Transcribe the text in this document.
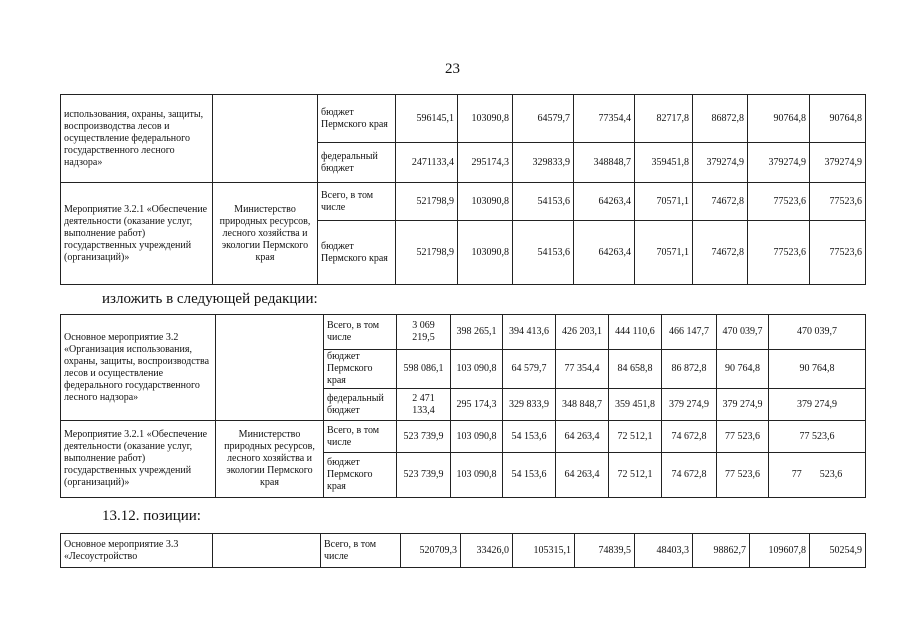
23
использования, охраны, защиты, воспроизводства лесов и осуществление федерального государственного лесного надзора»		бюджет Пермского края	596145,1	103090,8	64579,7	77354,4	82717,8	86872,8	90764,8	90764,8
		федеральный бюджет	2471133,4	295174,3	329833,9	348848,7	359451,8	379274,9	379274,9	379274,9
Мероприятие 3.2.1 «Обеспечение деятельности (оказание услуг, выполнение работ) государственных учреждений (организаций)»	Министерство природных ресурсов, лесного хозяйства и экологии Пермского края	Всего, в том числе	521798,9	103090,8	54153,6	64263,4	70571,1	74672,8	77523,6	77523,6
		бюджет Пермского края	521798,9	103090,8	54153,6	64263,4	70571,1	74672,8	77523,6	77523,6
изложить в следующей редакции:
Основное мероприятие 3.2 «Организация использования, охраны, защиты, воспроизводства лесов и осуществление федерального государственного лесного надзора»		Всего, в том числе	3 069 219,5	398 265,1	394 413,6	426 203,1	444 110,6	466 147,7	470 039,7	470 039,7
		бюджет Пермского края	598 086,1	103 090,8	64 579,7	77 354,4	84 658,8	86 872,8	90 764,8	90 764,8
		федеральный бюджет	2 471 133,4	295 174,3	329 833,9	348 848,7	359 451,8	379 274,9	379 274,9	379 274,9
Мероприятие 3.2.1 «Обеспечение деятельности (оказание услуг, выполнение работ) государственных учреждений (организаций)»	Министерство природных ресурсов, лесного хозяйства и экологии Пермского края	Всего, в том числе	523 739,9	103 090,8	54 153,6	64 263,4	72 512,1	74 672,8	77 523,6	77 523,6
		бюджет Пермского края	523 739,9	103 090,8	54 153,6	64 263,4	72 512,1	74 672,8	77 523,6	77 523,6
13.12. позиции:
Основное мероприятие 3.3 «Лесоустройство		Всего, в том числе	520709,3	33426,0	105315,1	74839,5	48403,3	98862,7	109607,8	50254,9
